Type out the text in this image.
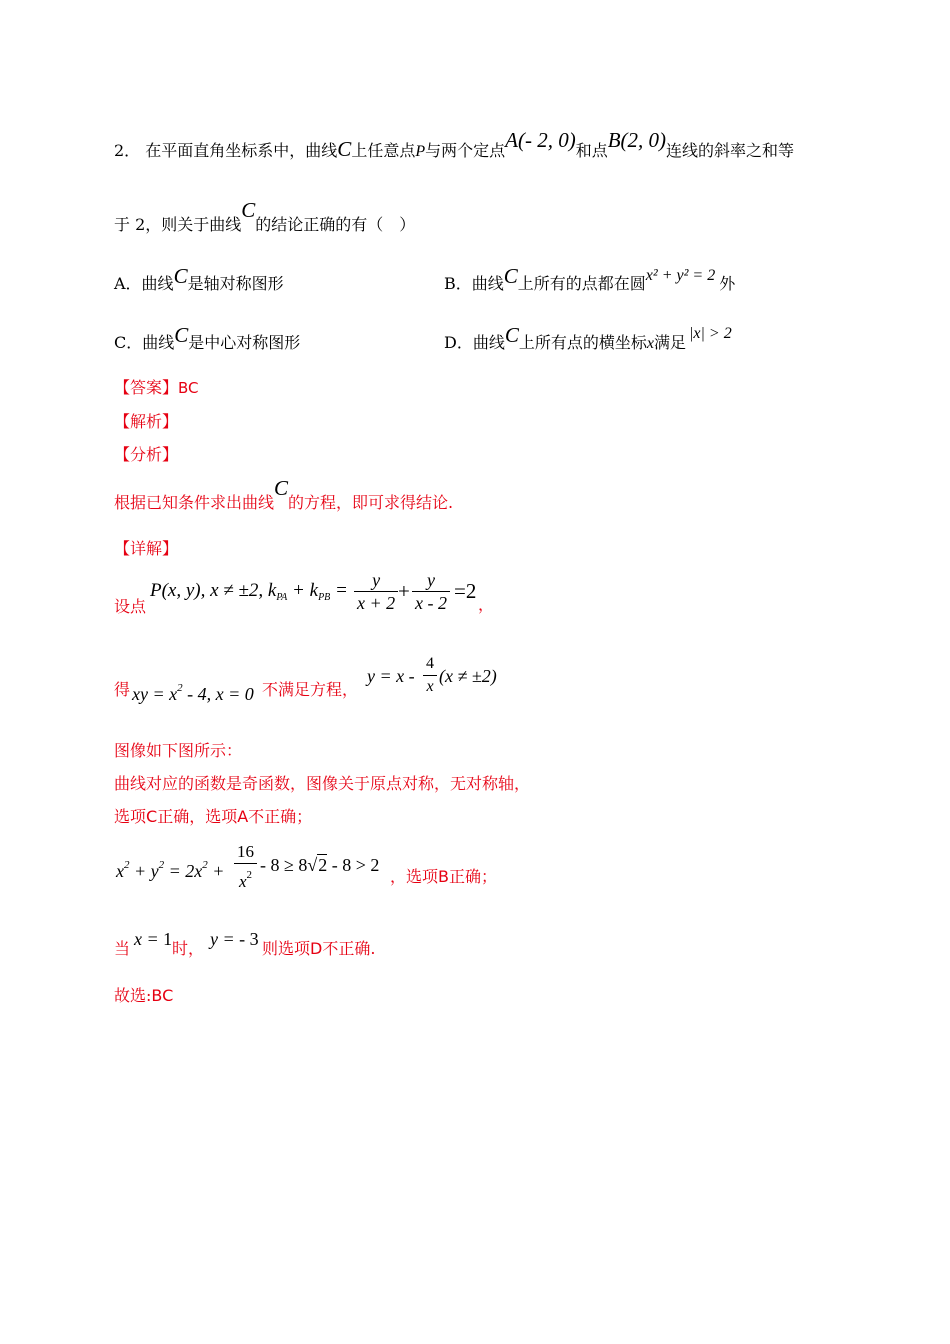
2． 在平面直角坐标系中，曲线C上任意点P与两个定点A(- 2, 0)和点B(2, 0)连线的斜率之和等
于 2，则关于曲线C的结论正确的有（　）
A．曲线C是轴对称图形	B．曲线C上所有的点都在圆x² + y² = 2 外
C．曲线C是中心对称图形	D．曲线C上所有点的横坐标x满足 |x| > 2
【答案】BC
【解析】
【分析】
根据已知条件求出曲线C的方程，即可求得结论.
【详解】
设点
P(x, y), x ≠ ±2, $k_{PA} + k_{PB} = \frac{y}{x + 2} + \frac{y}{x - 2} =2$
，
得 xy = $x^2 - 4$, x = 0 不满足方程，
$y = x - \frac{4}{x} (x \ne \pm 2)$
图像如下图所示：
曲线对应的函数是奇函数，图像关于原点对称，无对称轴，
选项C正确，选项A不正确；
$x^2 + y^2 = 2x^2 + \frac{16}{x^2} - 8 \ge 8√2 - 8 > 2$
，选项B正确；
当 x = 1 时， y = - 3 则选项D不正确.
故选:BC
